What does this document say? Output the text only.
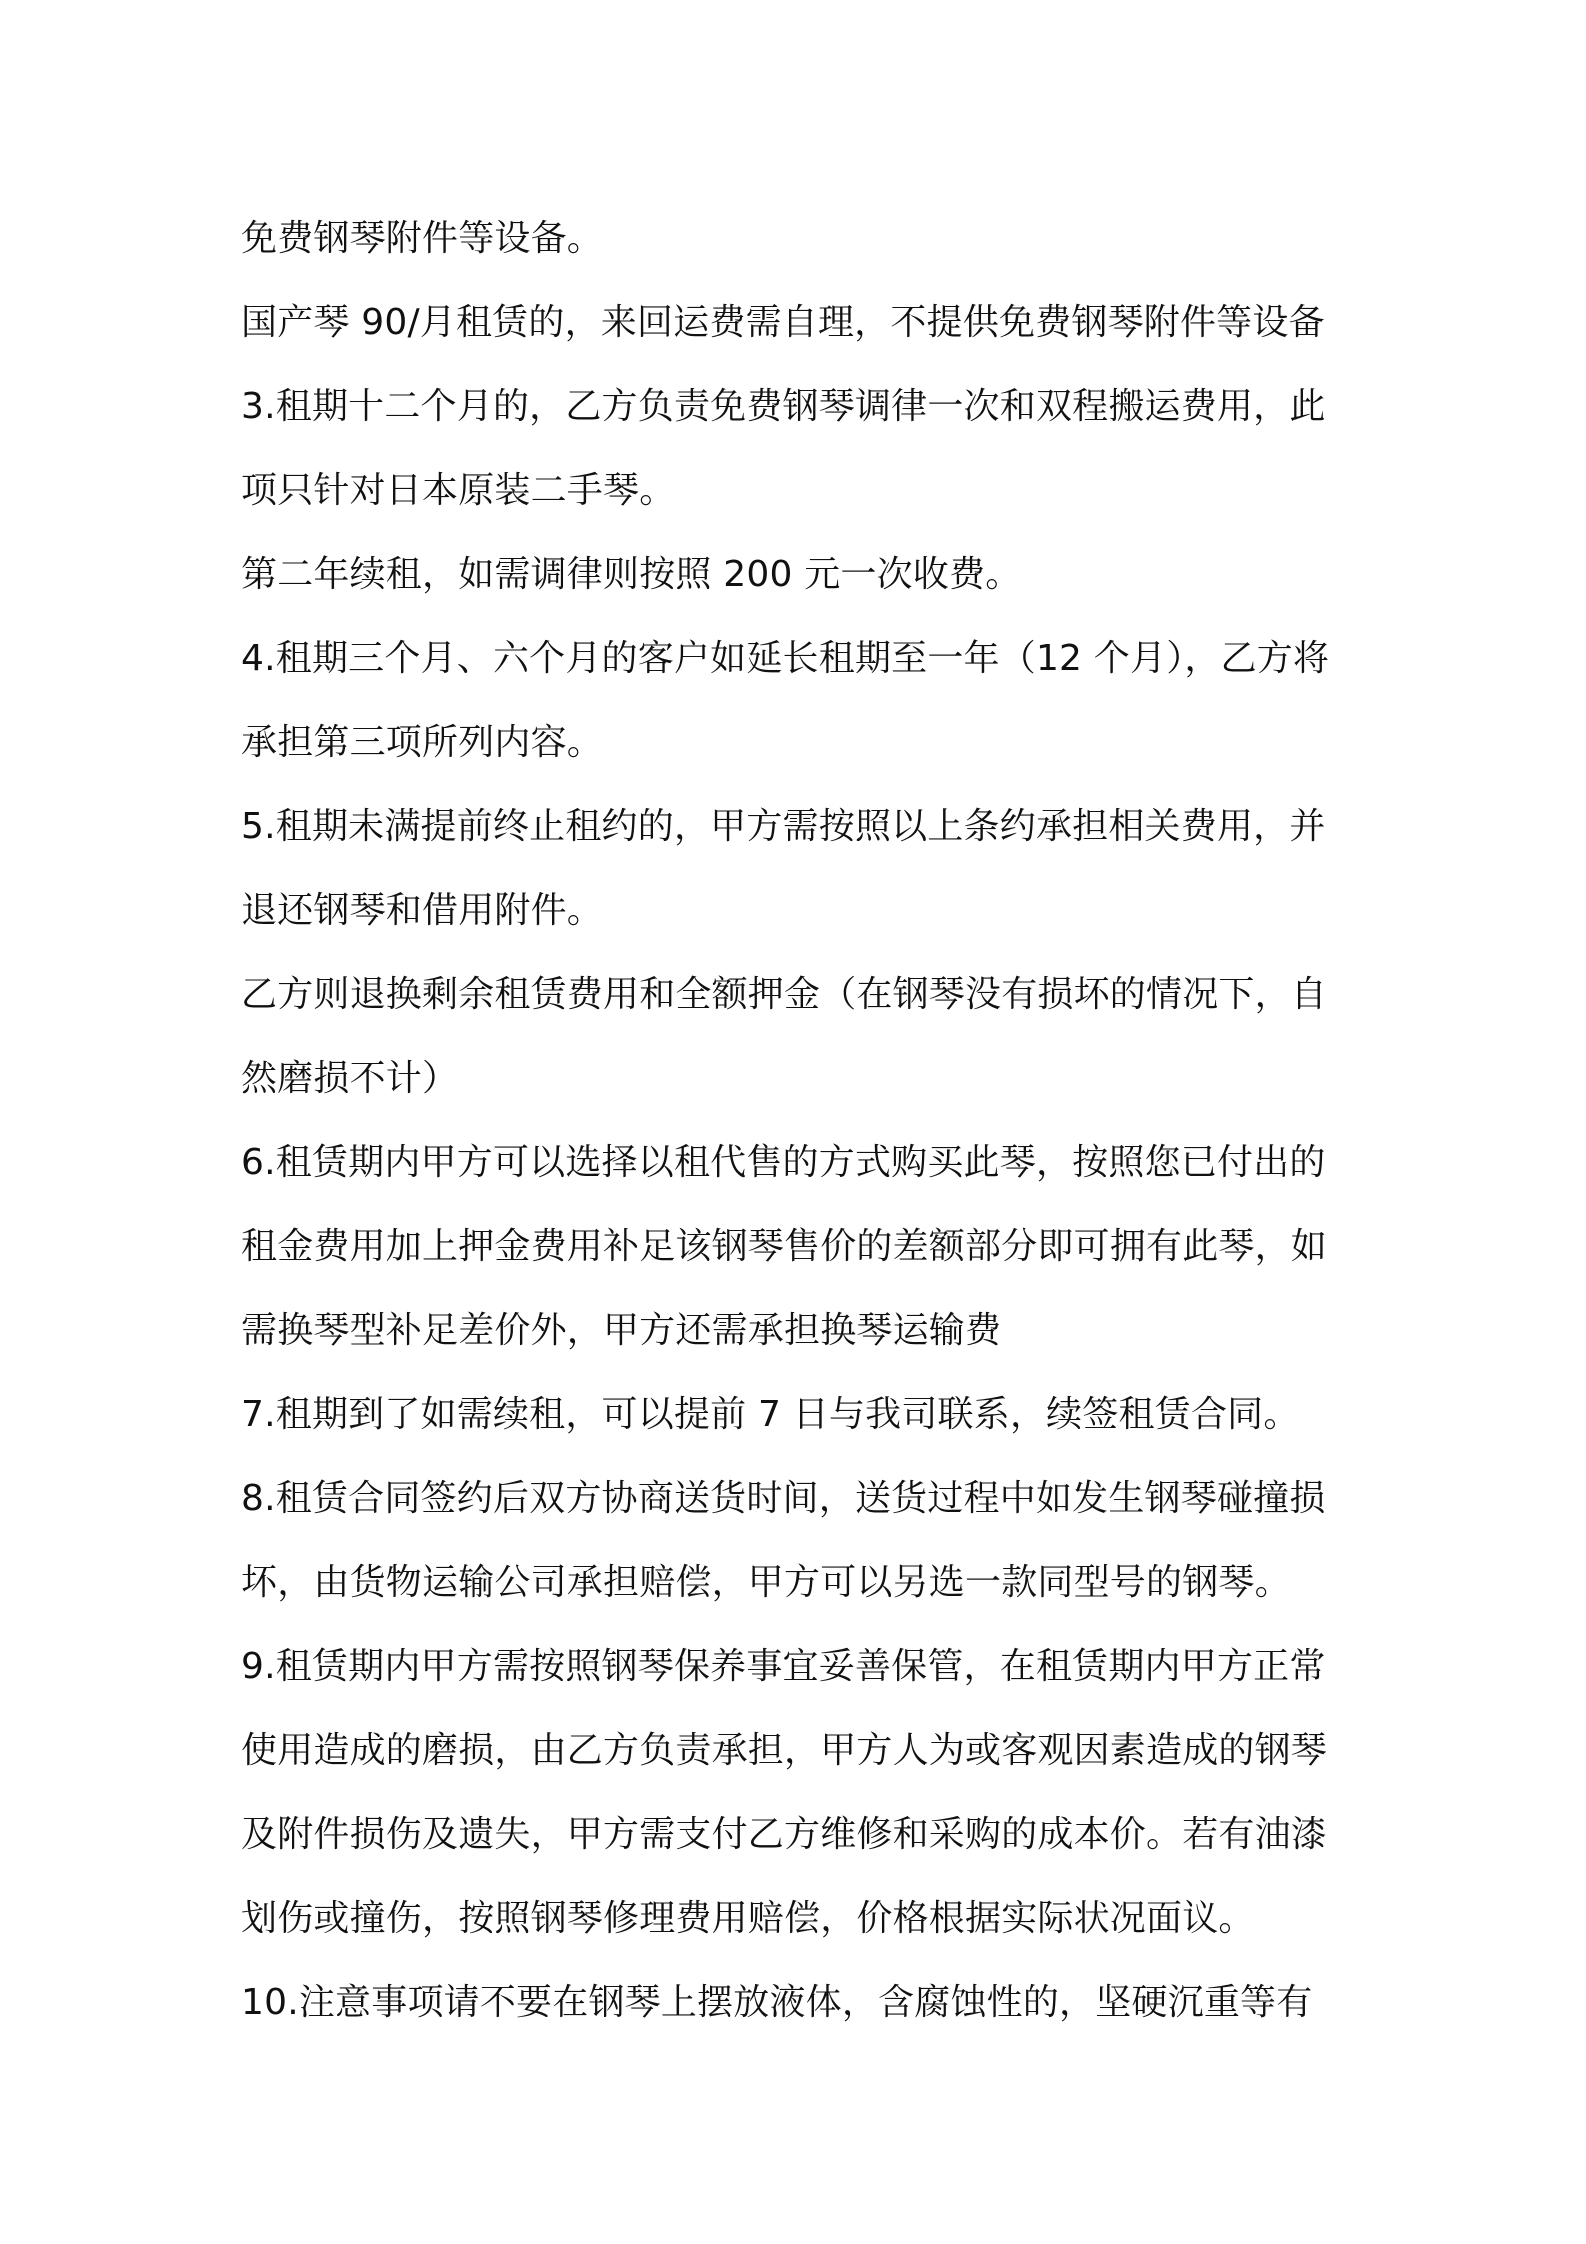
免费钢琴附件等设备。
国产琴 90/月租赁的，来回运费需自理，不提供免费钢琴附件等设备
3.租期十二个月的，乙方负责免费钢琴调律一次和双程搬运费用，此
项只针对日本原装二手琴。
第二年续租，如需调律则按照 200 元一次收费。
4.租期三个月、六个月的客户如延长租期至一年（12 个月），乙方将
承担第三项所列内容。
5.租期未满提前终止租约的，甲方需按照以上条约承担相关费用，并
退还钢琴和借用附件。
乙方则退换剩余租赁费用和全额押金（在钢琴没有损坏的情况下，自
然磨损不计）
6.租赁期内甲方可以选择以租代售的方式购买此琴，按照您已付出的
租金费用加上押金费用补足该钢琴售价的差额部分即可拥有此琴，如
需换琴型补足差价外，甲方还需承担换琴运输费
7.租期到了如需续租，可以提前 7 日与我司联系，续签租赁合同。
8.租赁合同签约后双方协商送货时间，送货过程中如发生钢琴碰撞损
坏，由货物运输公司承担赔偿，甲方可以另选一款同型号的钢琴。
9.租赁期内甲方需按照钢琴保养事宜妥善保管，在租赁期内甲方正常
使用造成的磨损，由乙方负责承担，甲方人为或客观因素造成的钢琴
及附件损伤及遗失，甲方需支付乙方维修和采购的成本价。若有油漆
划伤或撞伤，按照钢琴修理费用赔偿，价格根据实际状况面议。
10.注意事项请不要在钢琴上摆放液体，含腐蚀性的，坚硬沉重等有
